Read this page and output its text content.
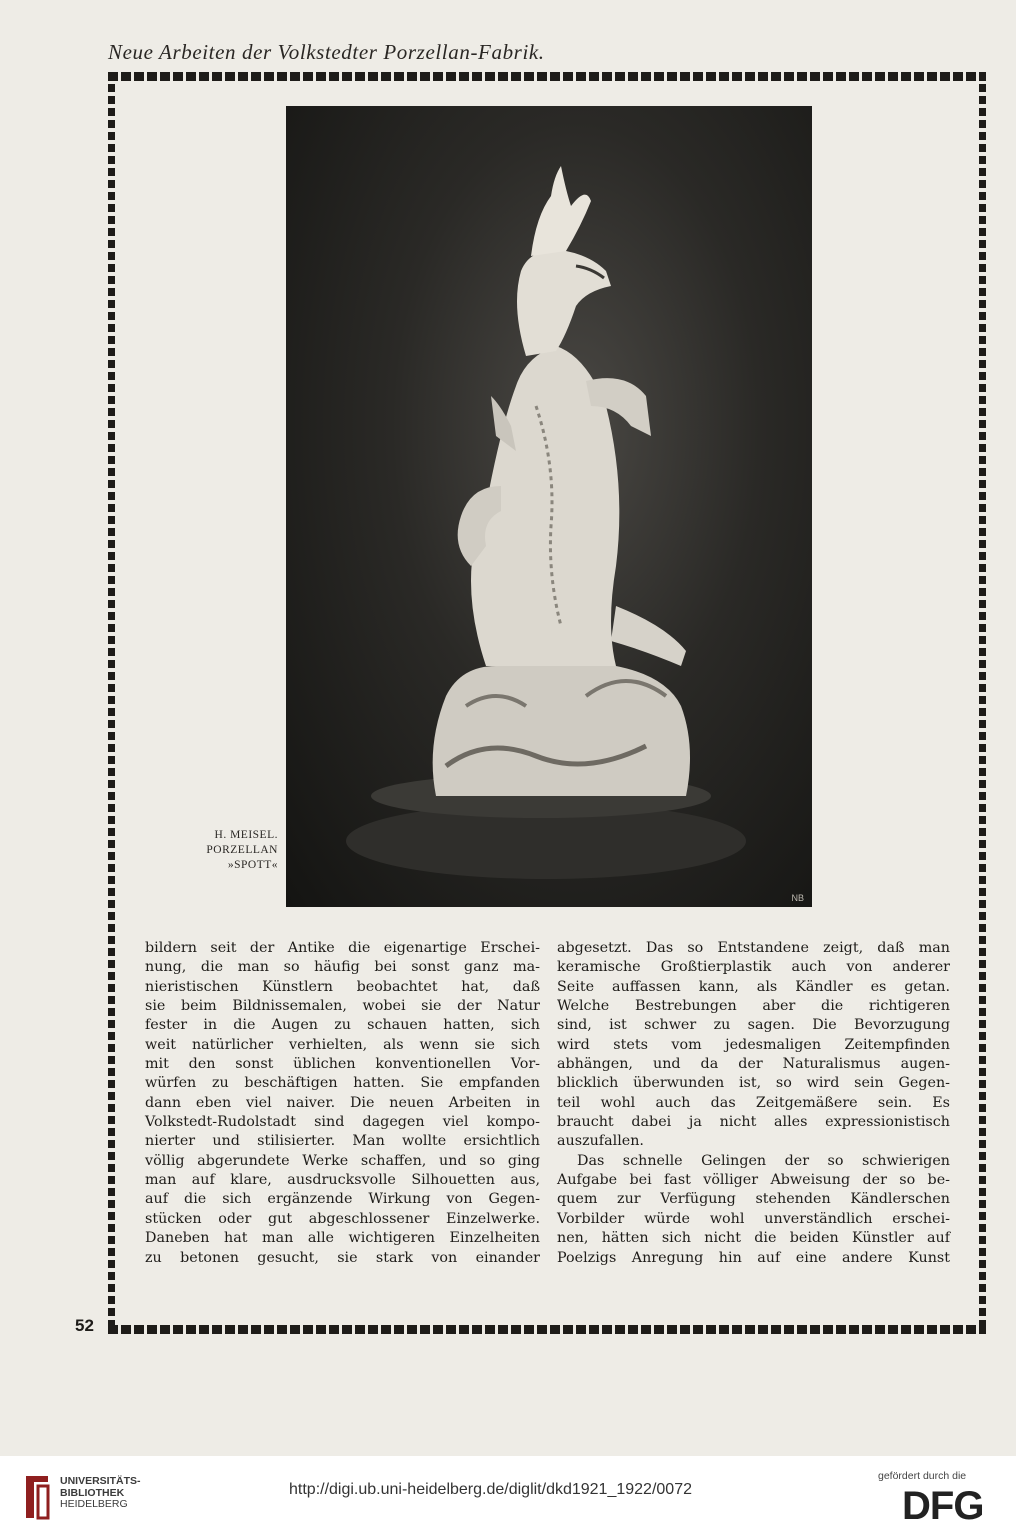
Neue Arbeiten der Volkstedter Porzellan-Fabrik.
NB
H. MEISEL.
PORZELLAN
»SPOTT«
bildern seit der Antike die eigenartige Erschei-
nung, die man so häufig bei sonst ganz ma-
nieristischen Künstlern beobachtet hat, daß
sie beim Bildnissemalen, wobei sie der Natur
fester in die Augen zu schauen hatten, sich
weit natürlicher verhielten, als wenn sie sich
mit den sonst üblichen konventionellen Vor-
würfen zu beschäftigen hatten. Sie empfanden
dann eben viel naiver. Die neuen Arbeiten in
Volkstedt-Rudolstadt sind dagegen viel kompo-
nierter und stilisierter. Man wollte ersichtlich
völlig abgerundete Werke schaffen, und so ging
man auf klare, ausdrucksvolle Silhouetten aus,
auf die sich ergänzende Wirkung von Gegen-
stücken oder gut abgeschlossener Einzelwerke.
Daneben hat man alle wichtigeren Einzelheiten
zu betonen gesucht, sie stark von einander
abgesetzt. Das so Entstandene zeigt, daß man
keramische Großtierplastik auch von anderer
Seite auffassen kann, als Kändler es getan.
Welche Bestrebungen aber die richtigeren
sind, ist schwer zu sagen. Die Bevorzugung
wird stets vom jedesmaligen Zeitempfinden
abhängen, und da der Naturalismus augen-
blicklich überwunden ist, so wird sein Gegen-
teil wohl auch das Zeitgemäßere sein. Es
braucht dabei ja nicht alles expressionistisch
auszufallen.
Das schnelle Gelingen der so schwierigen
Aufgabe bei fast völliger Abweisung der so be-
quem zur Verfügung stehenden Kändlerschen
Vorbilder würde wohl unverständlich erschei-
nen, hätten sich nicht die beiden Künstler auf
Poelzigs Anregung hin auf eine andere Kunst
52
UNIVERSITÄTS-
BIBLIOTHEK
HEIDELBERG
http://digi.ub.uni-heidelberg.de/diglit/dkd1921_1922/0072
gefördert durch die
DFG
